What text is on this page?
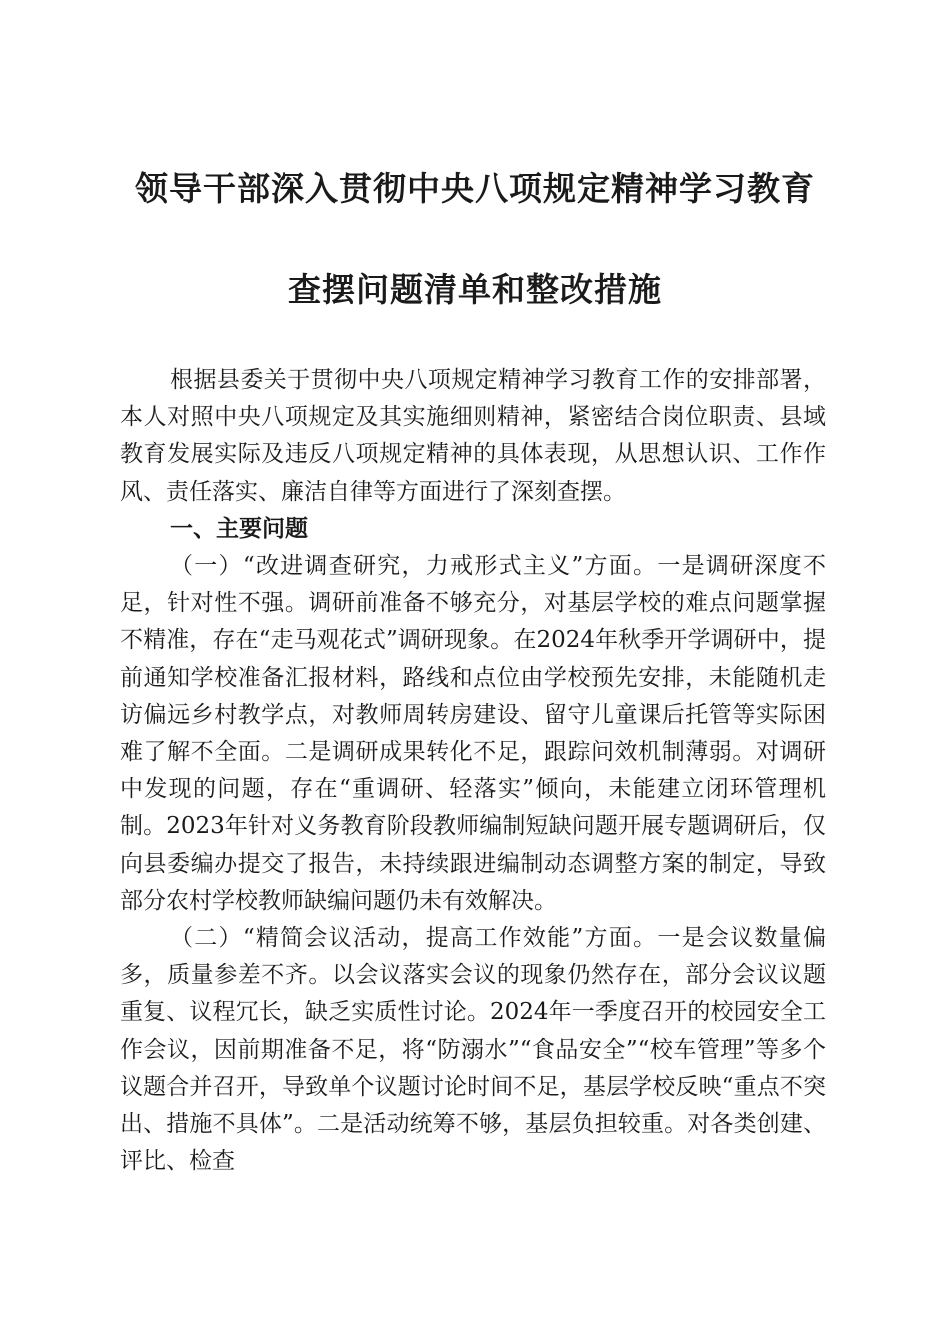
领导干部深入贯彻中央八项规定精神学习教育
查摆问题清单和整改措施

根据县委关于贯彻中央八项规定精神学习教育工作的安排部署，本人对照中央八项规定及其实施细则精神，紧密结合岗位职责、县域教育发展实际及违反八项规定精神的具体表现，从思想认识、工作作风、责任落实、廉洁自律等方面进行了深刻查摆。

一、主要问题

（一）“改进调查研究，力戒形式主义”方面。一是调研深度不足，针对性不强。调研前准备不够充分，对基层学校的难点问题掌握不精准，存在“走马观花式”调研现象。在2024年秋季开学调研中，提前通知学校准备汇报材料，路线和点位由学校预先安排，未能随机走访偏远乡村教学点，对教师周转房建设、留守儿童课后托管等实际困难了解不全面。二是调研成果转化不足，跟踪问效机制薄弱。对调研中发现的问题，存在“重调研、轻落实”倾向，未能建立闭环管理机制。2023年针对义务教育阶段教师编制短缺问题开展专题调研后，仅向县委编办提交了报告，未持续跟进编制动态调整方案的制定，导致部分农村学校教师缺编问题仍未有效解决。

（二）“精简会议活动，提高工作效能”方面。一是会议数量偏多，质量参差不齐。以会议落实会议的现象仍然存在，部分会议议题重复、议程冗长，缺乏实质性讨论。2024年一季度召开的校园安全工作会议，因前期准备不足，将“防溺水”“食品安全”“校车管理”等多个议题合并召开，导致单个议题讨论时间不足，基层学校反映“重点不突出、措施不具体”。二是活动统筹不够，基层负担较重。对各类创建、评比、检查
